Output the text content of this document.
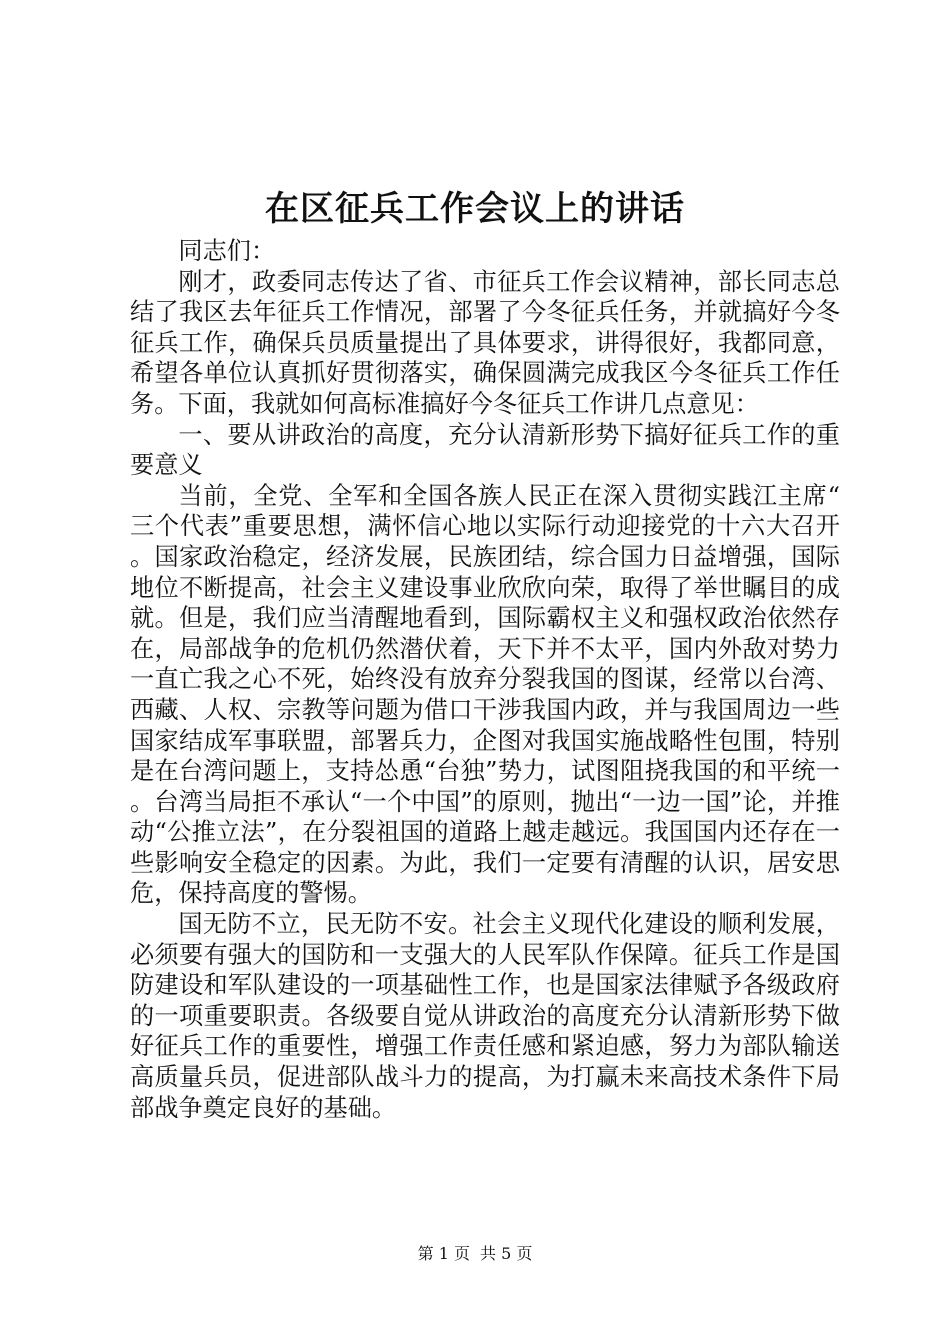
在区征兵工作会议上的讲话

同志们：

刚才，政委同志传达了省、市征兵工作会议精神，部长同志总结了我区去年征兵工作情况，部署了今冬征兵任务，并就搞好今冬征兵工作，确保兵员质量提出了具体要求，讲得很好，我都同意，希望各单位认真抓好贯彻落实，确保圆满完成我区今冬征兵工作任务。下面，我就如何高标准搞好今冬征兵工作讲几点意见：

一、要从讲政治的高度，充分认清新形势下搞好征兵工作的重要意义

当前，全党、全军和全国各族人民正在深入贯彻实践江主席“三个代表”重要思想，满怀信心地以实际行动迎接党的十六大召开。国家政治稳定，经济发展，民族团结，综合国力日益增强，国际地位不断提高，社会主义建设事业欣欣向荣，取得了举世瞩目的成就。但是，我们应当清醒地看到，国际霸权主义和强权政治依然存在，局部战争的危机仍然潜伏着，天下并不太平，国内外敌对势力一直亡我之心不死，始终没有放弃分裂我国的图谋，经常以台湾、西藏、人权、宗教等问题为借口干涉我国内政，并与我国周边一些国家结成军事联盟，部署兵力，企图对我国实施战略性包围，特别是在台湾问题上，支持怂恿“台独”势力，试图阻挠我国的和平统一。台湾当局拒不承认“一个中国”的原则，抛出“一边一国”论，并推动“公推立法”，在分裂祖国的道路上越走越远。我国国内还存在一些影响安全稳定的因素。为此，我们一定要有清醒的认识，居安思危，保持高度的警惕。

国无防不立，民无防不安。社会主义现代化建设的顺利发展，必须要有强大的国防和一支强大的人民军队作保障。征兵工作是国防建设和军队建设的一项基础性工作，也是国家法律赋予各级政府的一项重要职责。各级要自觉从讲政治的高度充分认清新形势下做好征兵工作的重要性，增强工作责任感和紧迫感，努力为部队输送高质量兵员，促进部队战斗力的提高，为打赢未来高技术条件下局部战争奠定良好的基础。

第 1 页 共 5 页
